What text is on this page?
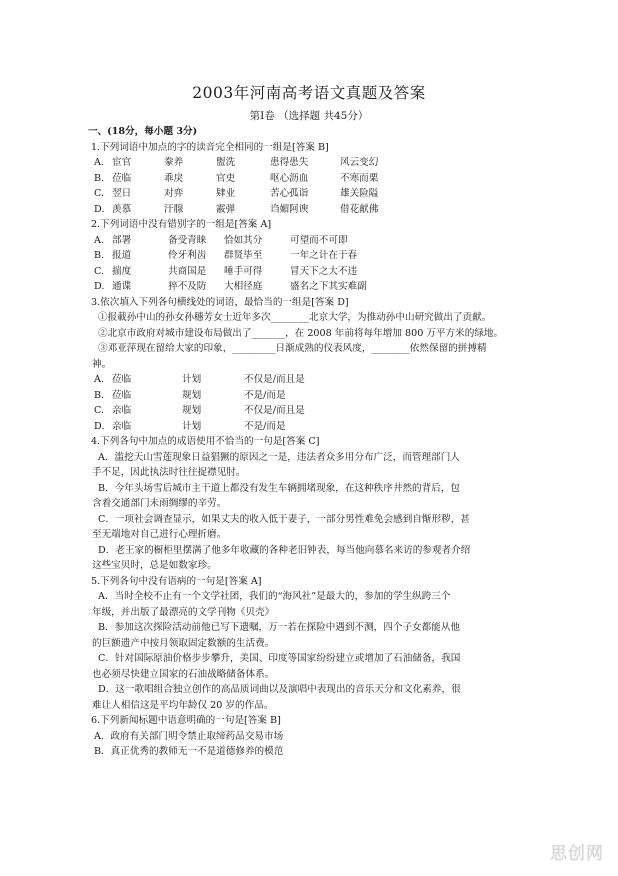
2003年河南高考语文真题及答案
第Ⅰ卷 （选择题 共45分）
一、(18分，每小题 3分)
1.下列词语中加点的字的读音完全相同的一组是[答案 B]
A. 宦官	豢养	盥洗	患得患失	风云变幻
B. 莅临	乖戾	官吏	呕心沥血	不寒而栗
C. 翌日	对弈	肄业	苦心孤诣	雄关险隘
D. 羡慕	汗腺	霰弹	诌媚阿谀	借花献佛
2.下列词语中没有错别字的一组是[答案 A]
A. 部署	备受青睐	恰如其分	可望而不可即
B. 报道	伶牙利齿	群贤毕至	一年之计在于春
C. 揣度	共商国是	唾手可得	冒天下之大不违
D. 通谍	猝不及防	大相径庭	盛名之下其实难副
3.依次填入下列各句横线处的词语，最恰当的一组是[答案 D]
①报載孙中山的孙女孙穗芳女士近年多次________北京大学，为推动孙中山研究做出了贡献。
②北京市政府对城市建设布局做出了_______，在 2008 年前将每年增加 800 万平方米的绿地。
③邓亚萍现在留给大家的印象，_________日渐成熟的仪表风度，________依然保留的拼搏精
神。
A. 莅临	计划	不仅是/而且是
B. 莅临	规划	不是/而是
C. 亲临	规划	不仅是/而且是
D. 亲临	计划	不是/而是
4.下列各句中加点的成语使用不恰当的一句是[答案 C]
A．滥挖天山雪莲现象日益猖獗的原因之一是，违法者众多用分布广泛，而管理部门人
手不足，因此执法时往往捉襟见肘。
B．今年头场雪后城市主干道上都没有发生车辆拥堵现象，在这种秩序井然的背后，包
含着交通部门未雨绸缪的辛劳。
C．一项社会调查显示，如果丈夫的收入低于妻子，一部分男性难免会感到自惭形秽，甚
至无端地对自己进行心理折磨。
D．老王家的橱柜里摆满了他多年收藏的各种老旧钟表，每当他向慕名来访的参观者介绍
这些宝贝时，总是如数家珍。
5.下列各句中没有语病的一句是[答案 A]
A．当时全校不止有一个文学社团，我们的“海风社”是最大的，参加的学生纵跨三个
年级，并出版了最漂亮的文学刊物《贝壳》
B．参加这次探险活动前他已写下遗嘱，万一若在探险中遇到不测，四个子女都能从他
的巨额遗产中按月领取固定数额的生活费。
C．针对国际原油价格步步攀升，美国、印度等国家纷纷建立或增加了石油储备，我国
也必须尽快建立国家的石油战略储备体系。
D．这一歌唱组合独立创作的高品质词曲以及演唱中表现出的音乐天分和文化素养，很
难让人相信这是平均年龄仅 20 岁的作品。
6.下列新闻标题中语意明确的一句是[答案 B]
A．政府有关部门明令禁止取缔药品交易市场
B．真正优秀的教师无一不是道德修养的模范
思创网
